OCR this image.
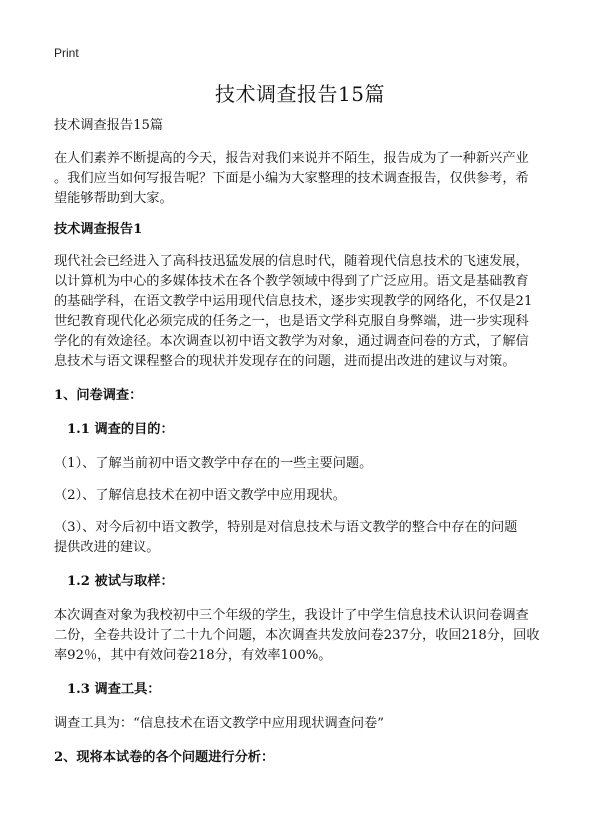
Print
技术调查报告15篇

技术调查报告15篇

在人们素养不断提高的今天，报告对我们来说并不陌生，报告成为了一种新兴产业

。我们应当如何写报告呢？下面是小编为大家整理的技术调查报告，仅供参考，希

望能够帮助到大家。

技术调查报告1

现代社会已经进入了高科技迅猛发展的信息时代，随着现代信息技术的飞速发展，

以计算机为中心的多媒体技术在各个教学领域中得到了广泛应用。语文是基础教育

的基础学科，在语文教学中运用现代信息技术，逐步实现教学的网络化，不仅是21

世纪教育现代化必须完成的任务之一，也是语文学科克服自身弊端，进一步实现科

学化的有效途径。本次调查以初中语文教学为对象，通过调查问卷的方式，了解信

息技术与语文课程整合的现状并发现存在的问题，进而提出改进的建议与对策。

1、问卷调查：

1.1 调查的目的：

（1）、了解当前初中语文教学中存在的一些主要问题。

（2）、了解信息技术在初中语文教学中应用现状。

（3）、对今后初中语文教学，特别是对信息技术与语文教学的整合中存在的问题

提供改进的建议。

1.2 被试与取样：

本次调查对象为我校初中三个年级的学生，我设计了中学生信息技术认识问卷调查

二份，全卷共设计了二十九个问题，本次调查共发放问卷237分，收回218分，回收

率92％，其中有效问卷218分，有效率100%。

1.3 调查工具：

调查工具为：“信息技术在语文教学中应用现状调查问卷”

2、现将本试卷的各个问题进行分析：
